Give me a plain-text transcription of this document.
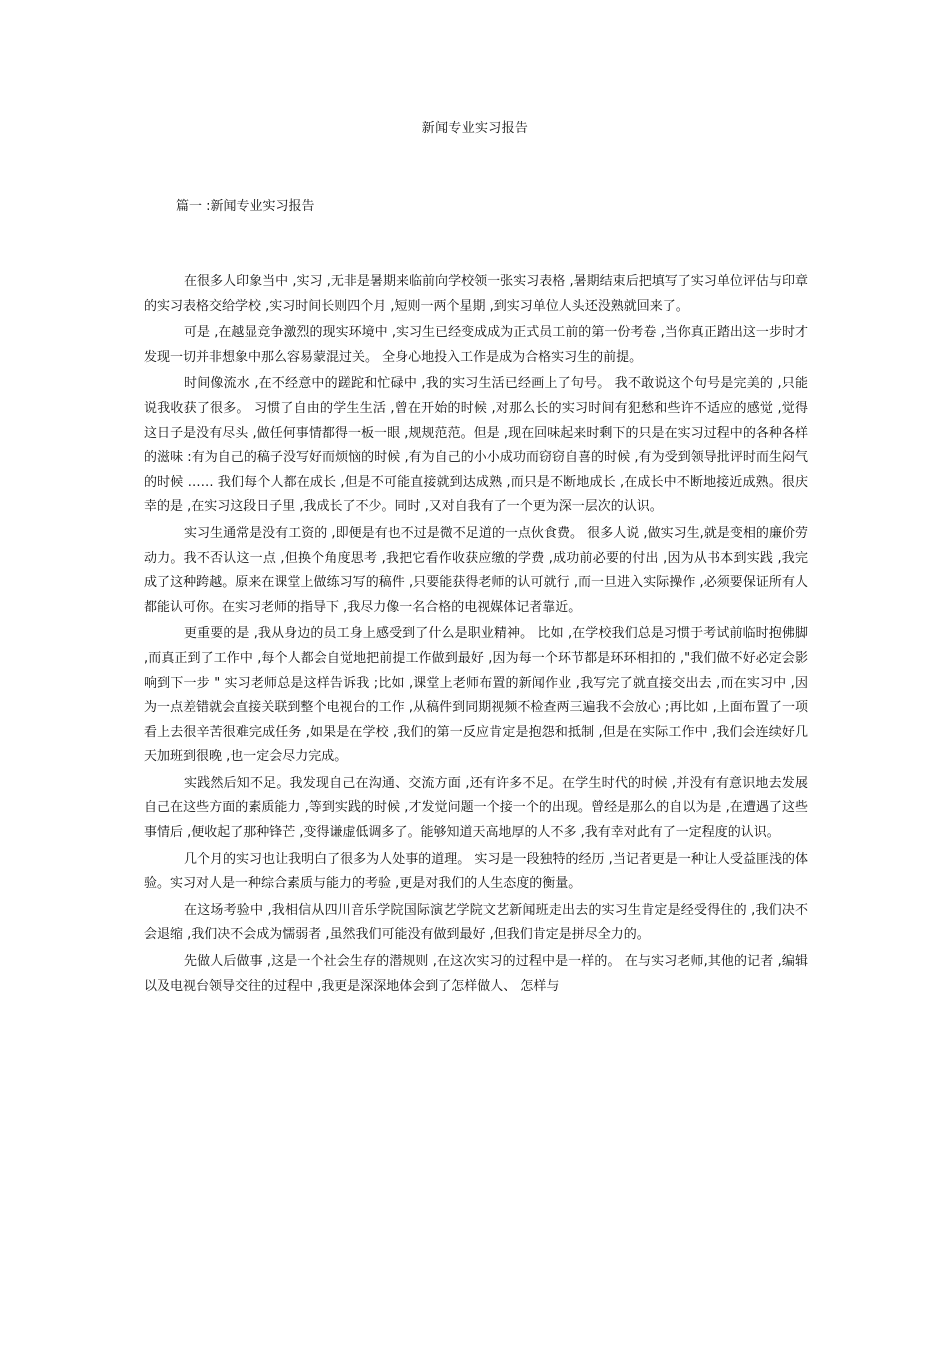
新闻专业实习报告
篇一 :新闻专业实习报告

在很多人印象当中 ,实习 ,无非是暑期来临前向学校领一张实习表格 ,暑期结束后把填写了实习单位评估与印章的实习表格交给学校 ,实习时间长则四个月 ,短则一两个星期 ,到实习单位人头还没熟就回来了。

可是 ,在越显竞争激烈的现实环境中 ,实习生已经变成成为正式员工前的第一份考卷 ,当你真正踏出这一步时才发现一切并非想象中那么容易蒙混过关。 全身心地投入工作是成为合格实习生的前提。

时间像流水 ,在不经意中的蹉跎和忙碌中 ,我的实习生活已经画上了句号。 我不敢说这个句号是完美的 ,只能说我收获了很多。 习惯了自由的学生生活 ,曾在开始的时候 ,对那么长的实习时间有犯愁和些许不适应的感觉 ,觉得这日子是没有尽头 ,做任何事情都得一板一眼 ,规规范范。但是 ,现在回味起来时剩下的只是在实习过程中的各种各样的滋味 :有为自己的稿子没写好而烦恼的时候 ,有为自己的小小成功而窃窃自喜的时候 ,有为受到领导批评时而生闷气的时候 …… 我们每个人都在成长 ,但是不可能直接就到达成熟 ,而只是不断地成长 ,在成长中不断地接近成熟。很庆幸的是 ,在实习这段日子里 ,我成长了不少。同时 ,又对自我有了一个更为深一层次的认识。

实习生通常是没有工资的 ,即便是有也不过是微不足道的一点伙食费。 很多人说 ,做实习生,就是变相的廉价劳动力。我不否认这一点 ,但换个角度思考 ,我把它看作收获应缴的学费 ,成功前必要的付出 ,因为从书本到实践 ,我完成了这种跨越。原来在课堂上做练习写的稿件 ,只要能获得老师的认可就行 ,而一旦进入实际操作 ,必须要保证所有人都能认可你。在实习老师的指导下 ,我尽力像一名合格的电视媒体记者靠近。

更重要的是 ,我从身边的员工身上感受到了什么是职业精神。 比如 ,在学校我们总是习惯于考试前临时抱佛脚 ,而真正到了工作中 ,每个人都会自觉地把前提工作做到最好 ,因为每一个环节都是环环相扣的 ,"我们做不好必定会影响到下一步 " 实习老师总是这样告诉我 ;比如 ,课堂上老师布置的新闻作业 ,我写完了就直接交出去 ,而在实习中 ,因为一点差错就会直接关联到整个电视台的工作 ,从稿件到同期视频不检查两三遍我不会放心 ;再比如 ,上面布置了一项看上去很辛苦很难完成任务 ,如果是在学校 ,我们的第一反应肯定是抱怨和抵制 ,但是在实际工作中 ,我们会连续好几天加班到很晚 ,也一定会尽力完成。

实践然后知不足。我发现自己在沟通、交流方面 ,还有许多不足。在学生时代的时候 ,并没有有意识地去发展自己在这些方面的素质能力 ,等到实践的时候 ,才发觉问题一个接一个的出现。曾经是那么的自以为是 ,在遭遇了这些事情后 ,便收起了那种锋芒 ,变得谦虚低调多了。能够知道天高地厚的人不多 ,我有幸对此有了一定程度的认识。

几个月的实习也让我明白了很多为人处事的道理。 实习是一段独特的经历 ,当记者更是一种让人受益匪浅的体验。实习对人是一种综合素质与能力的考验 ,更是对我们的人生态度的衡量。

在这场考验中 ,我相信从四川音乐学院国际演艺学院文艺新闻班走出去的实习生肯定是经受得住的 ,我们决不会退缩 ,我们决不会成为懦弱者 ,虽然我们可能没有做到最好 ,但我们肯定是拼尽全力的。

先做人后做事 ,这是一个社会生存的潜规则 ,在这次实习的过程中是一样的。 在与实习老师,其他的记者 ,编辑以及电视台领导交往的过程中 ,我更是深深地体会到了怎样做人、 怎样与
